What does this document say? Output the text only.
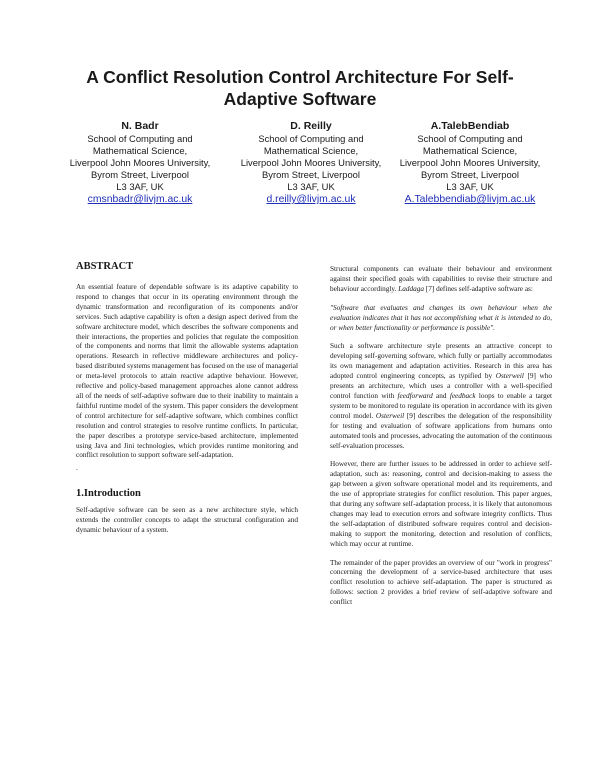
A Conflict Resolution Control Architecture For Self-Adaptive Software
N. Badr
School of Computing and
Mathematical Science,
Liverpool John Moores University,
Byrom Street, Liverpool
L3 3AF, UK
cmsnbadr@livjm.ac.uk
D. Reilly
School of Computing and
Mathematical Science,
Liverpool John Moores University,
Byrom Street, Liverpool
L3 3AF, UK
d.reilly@livjm.ac.uk
A.TalebBendiab
School of Computing and
Mathematical Science,
Liverpool John Moores University,
Byrom Street, Liverpool
L3 3AF, UK
A.Talebbendiab@livjm.ac.uk
ABSTRACT

An essential feature of dependable software is its adaptive capability to respond to changes that occur in its operating environment through the dynamic transformation and reconfiguration of its components and/or services. Such adaptive capability is often a design aspect derived from the software architecture model, which describes the software components and their interactions, the properties and policies that regulate the composition of the components and norms that limit the allowable systems adaptation operations. Research in reflective middleware architectures and policy-based distributed systems management has focused on the use of managerial or meta-level protocols to attain reactive adaptive behaviour. However, reflective and policy-based management approaches alone cannot address all of the needs of self-adaptive software due to their inability to maintain a faithful runtime model of the system. This paper considers the development of control architecture for self-adaptive software, which combines conflict resolution and control strategies to resolve runtime conflicts. In particular, the paper describes a prototype service-based architecture, implemented using Java and Jini technologies, which provides runtime monitoring and conflict resolution to support software self-adaptation.

.

1.Introduction

Self-adaptive software can be seen as a new architecture style, which extends the controller concepts to adapt the structural configuration and dynamic behaviour of a system.

Structural components can evaluate their behaviour and environment against their specified goals with capabilities to revise their structure and behaviour accordingly. Laddaga [7] defines self-adaptive software as:

"Software that evaluates and changes its own behaviour when the evaluation indicates that it has not accomplishing what it is intended to do, or when better functionality or performance is possible".

Such a software architecture style presents an attractive concept to developing self-governing software, which fully or partially accommodates its own management and adaptation activities. Research in this area has adopted control engineering concepts, as typified by Osterweil [9] who presents an architecture, which uses a controller with a well-specified control function with feedforward and feedback loops to enable a target system to be monitored to regulate its operation in accordance with its given control model. Osterweil [9] describes the delegation of the responsibility for testing and evaluation of software applications from humans onto automated tools and processes, advocating the automation of the continuous self-evaluation processes.

However, there are further issues to be addressed in order to achieve self-adaptation, such as: reasoning, control and decision-making to assess the gap between a given software operational model and its requirements, and the use of appropriate strategies for conflict resolution. This paper argues, that during any software self-adaptation process, it is likely that autonomous changes may lead to execution errors and software integrity conflicts. Thus the self-adaptation of distributed software requires control and decision-making to support the monitoring, detection and resolution of conflicts, which may occur at runtime.

The remainder of the paper provides an overview of our "work in progress" concerning the development of a service-based architecture that uses conflict resolution to achieve self-adaptation. The paper is structured as follows: section 2 provides a brief review of self-adaptive software and conflict
